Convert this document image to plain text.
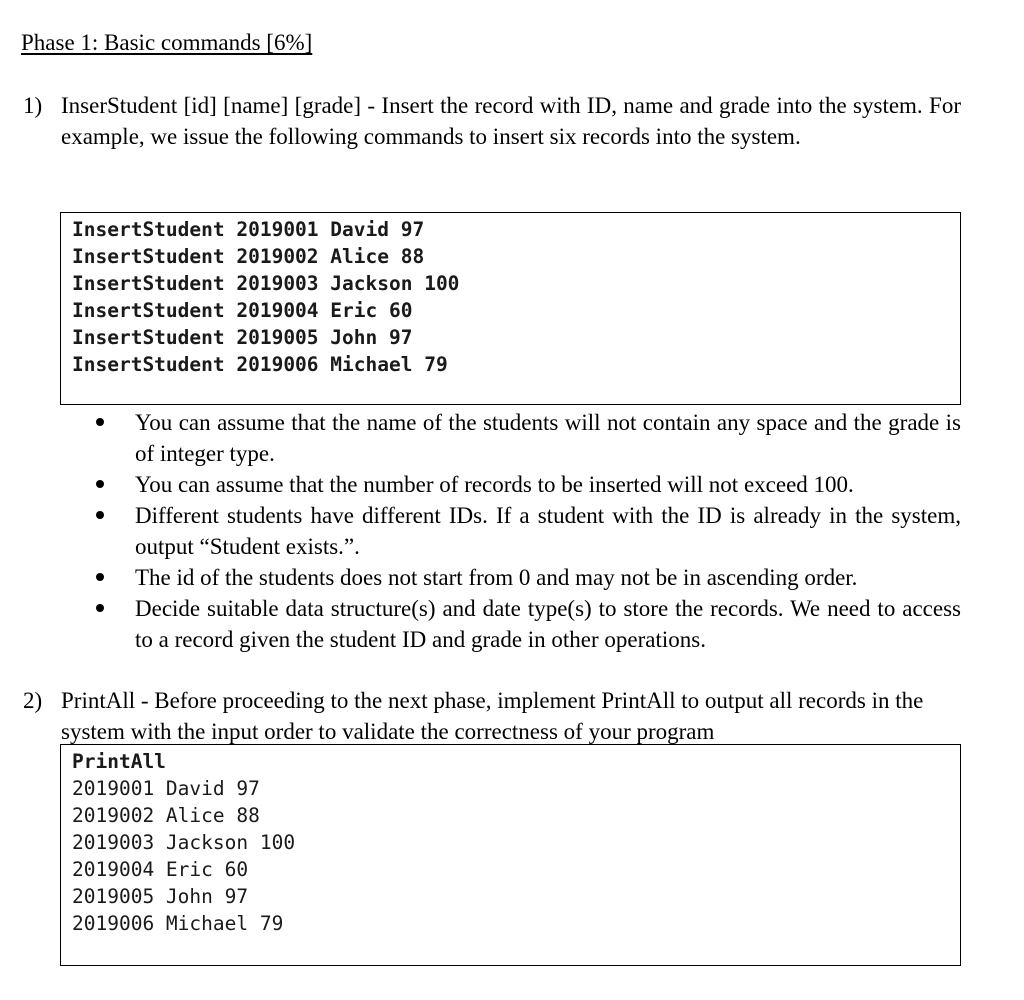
Phase 1: Basic commands [6%]
1) InserStudent [id] [name] [grade] - Insert the record with ID, name and grade into the system. For example, we issue the following commands to insert six records into the system.
InsertStudent 2019001 David 97
InsertStudent 2019002 Alice 88
InsertStudent 2019003 Jackson 100
InsertStudent 2019004 Eric 60
InsertStudent 2019005 John 97
InsertStudent 2019006 Michael 79
You can assume that the name of the students will not contain any space and the grade is of integer type.
You can assume that the number of records to be inserted will not exceed 100.
Different students have different IDs. If a student with the ID is already in the system, output “Student exists.”.
The id of the students does not start from 0 and may not be in ascending order.
Decide suitable data structure(s) and date type(s) to store the records. We need to access to a record given the student ID and grade in other operations.
2) PrintAll - Before proceeding to the next phase, implement PrintAll to output all records in the system with the input order to validate the correctness of your program
PrintAll
2019001 David 97
2019002 Alice 88
2019003 Jackson 100
2019004 Eric 60
2019005 John 97
2019006 Michael 79
